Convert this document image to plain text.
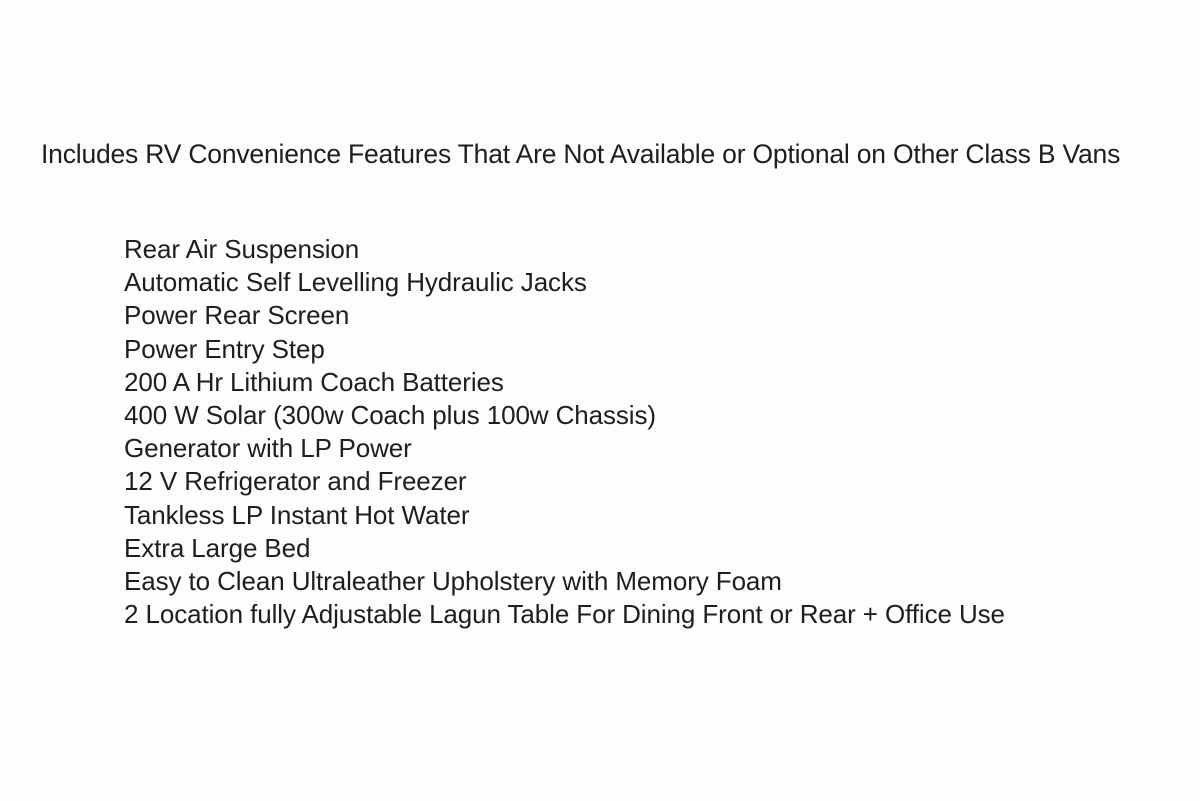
Includes RV Convenience Features That Are Not Available or Optional on Other Class B Vans

Rear Air Suspension
Automatic Self Levelling Hydraulic Jacks
Power Rear Screen
Power Entry Step
200 A Hr Lithium Coach Batteries
400 W Solar (300w Coach plus 100w Chassis)
Generator with LP Power
12 V Refrigerator and Freezer
Tankless LP Instant Hot Water
Extra Large Bed
Easy to Clean Ultraleather Upholstery with Memory Foam
2 Location fully Adjustable Lagun Table For Dining Front or Rear + Office Use
